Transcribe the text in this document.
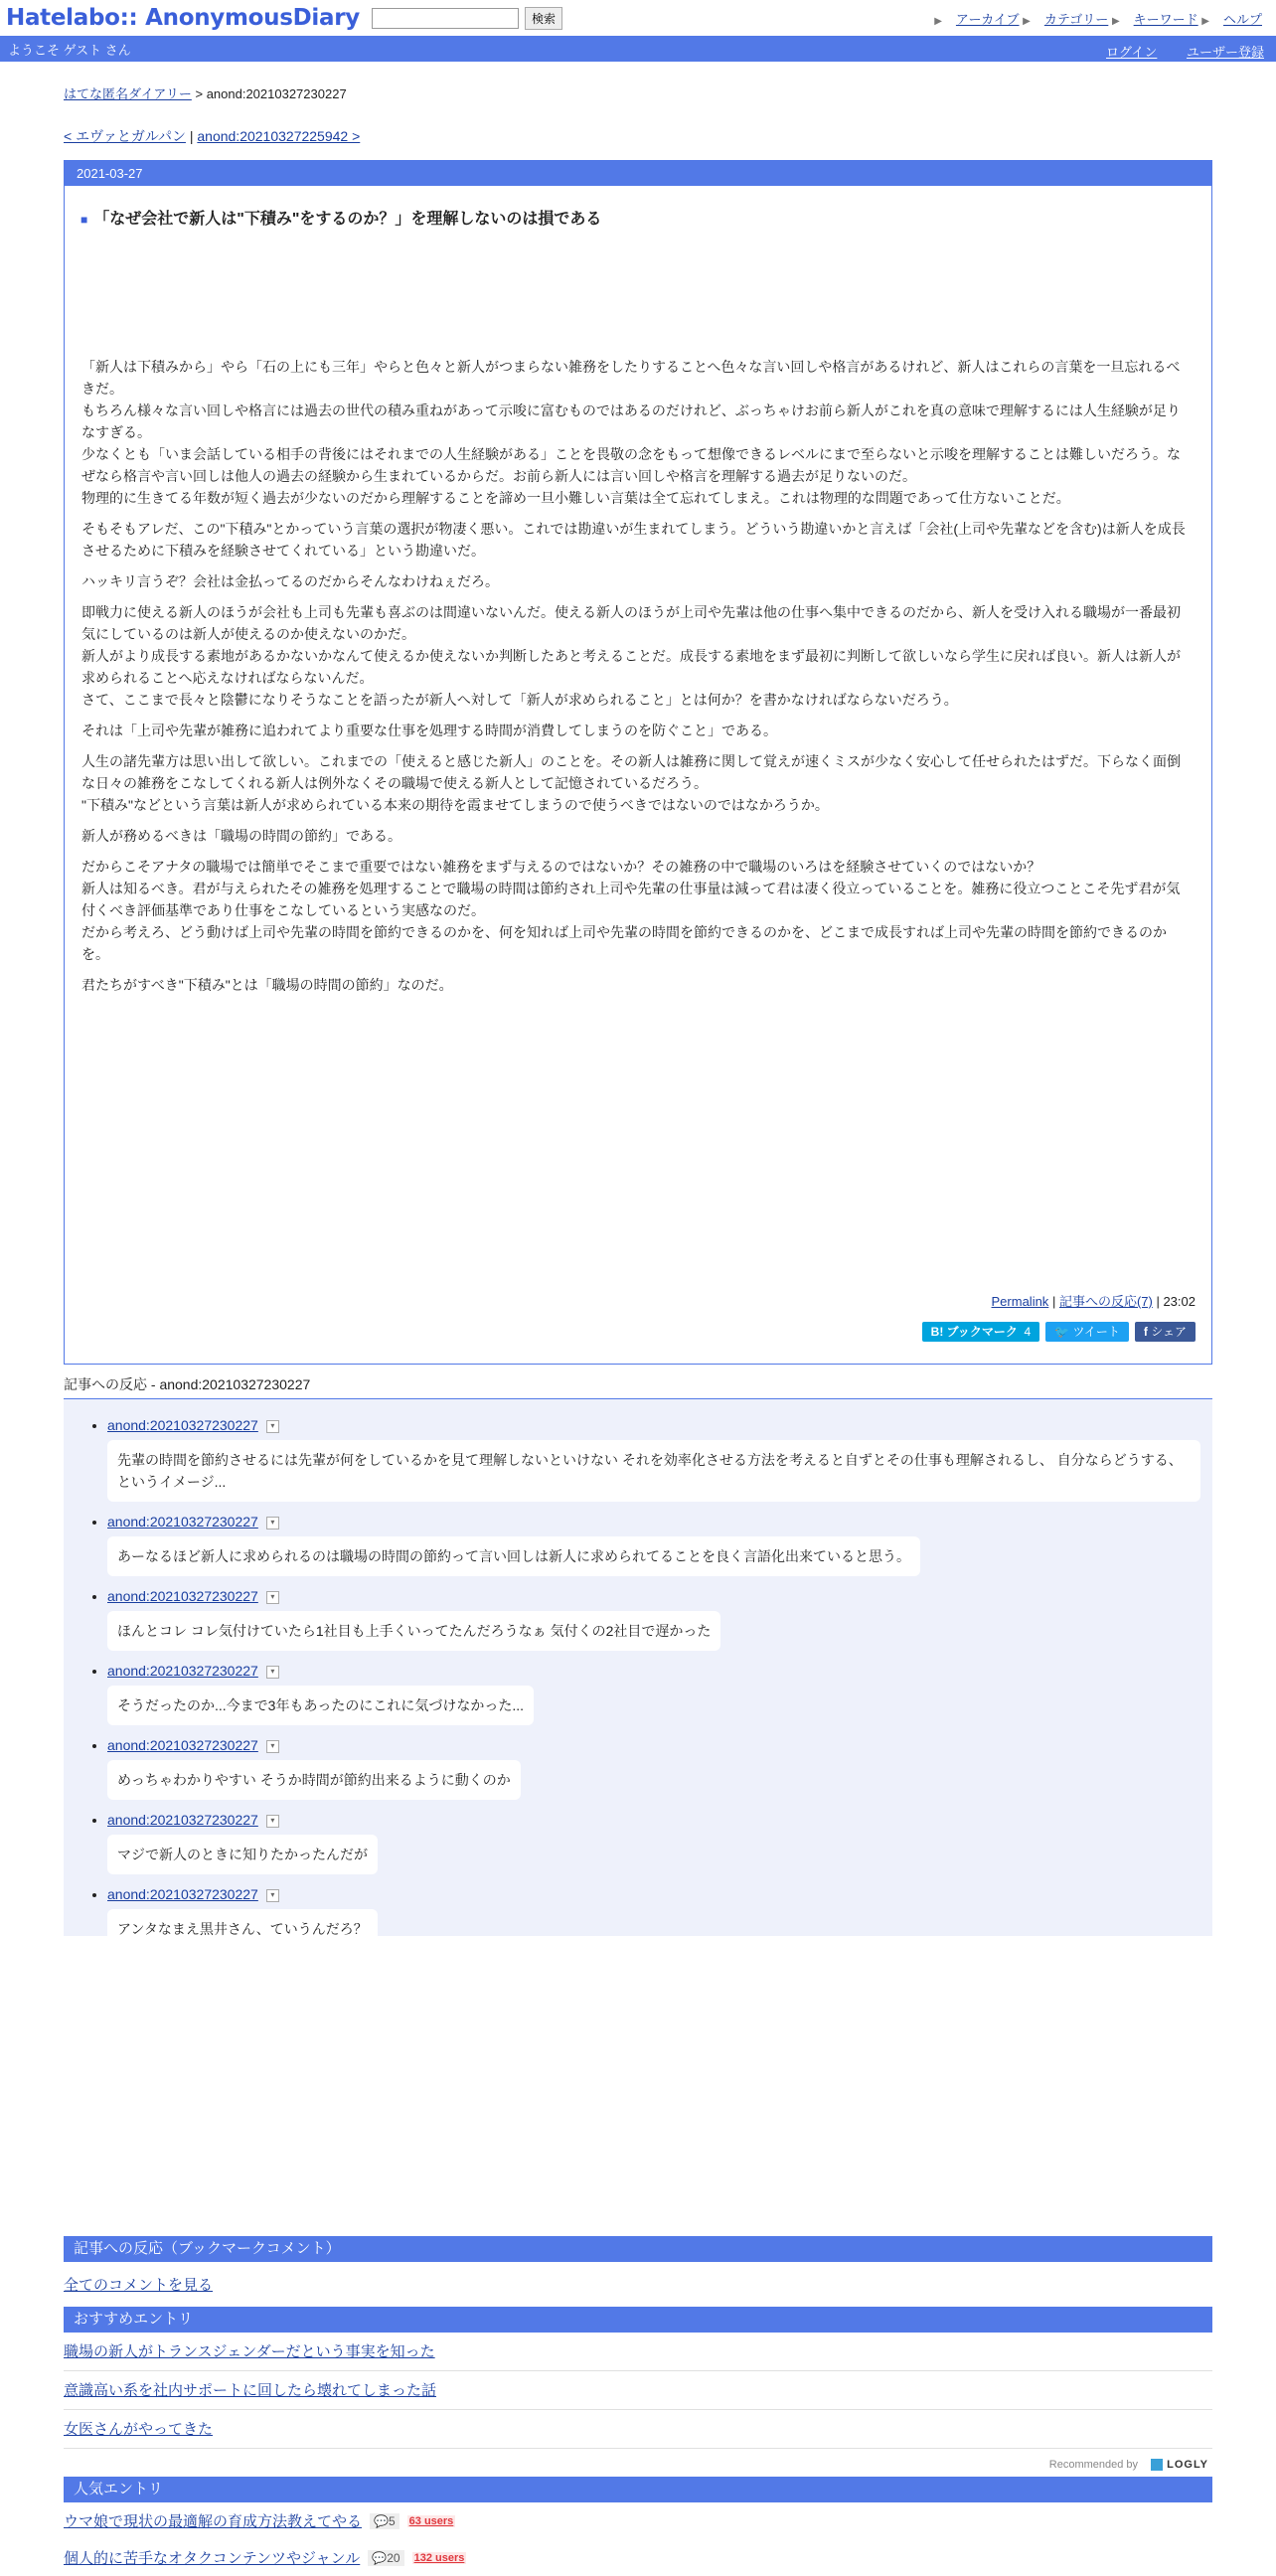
Hatelabo:: AnonymousDiary	検索	▶ アーカイブ ▶ カテゴリー ▶ キーワード ▶ ヘルプ
ようこそ ゲスト さん	ログイン ユーザー登録
はてな匿名ダイアリー > anond:20210327230227
< エヴァとガルパン | anond:20210327225942 >
2021-03-27
■ 「なぜ会社で新人は"下積み"をするのか？」を理解しないのは損である

「新人は下積みから」やら「石の上にも三年」やらと色々と新人がつまらない雑務をしたりすることへ色々な言い回しや格言があるけれど、新人はこれらの言葉を一旦忘れるべきだ。
もちろん様々な言い回しや格言には過去の世代の積み重ねがあって示唆に富むものではあるのだけれど、ぶっちゃけお前ら新人がこれを真の意味で理解するには人生経験が足りなすぎる。
少なくとも「いま会話している相手の背後にはそれまでの人生経験がある」ことを畏敬の念をもって想像できるレベルにまで至らないと示唆を理解することは難しいだろう。なぜなら格言や言い回しは他人の過去の経験から生まれているからだ。お前ら新人には言い回しや格言を理解する過去が足りないのだ。
物理的に生きてる年数が短く過去が少ないのだから理解することを諦め一旦小難しい言葉は全て忘れてしまえ。これは物理的な問題であって仕方ないことだ。

そもそもアレだ、この"下積み"とかっていう言葉の選択が物凄く悪い。これでは勘違いが生まれてしまう。どういう勘違いかと言えば「会社(上司や先輩などを含む)は新人を成長させるために下積みを経験させてくれている」という勘違いだ。

ハッキリ言うぞ？会社は金払ってるのだからそんなわけねぇだろ。

即戦力に使える新人のほうが会社も上司も先輩も喜ぶのは間違いないんだ。使える新人のほうが上司や先輩は他の仕事へ集中できるのだから、新人を受け入れる職場が一番最初気にしているのは新人が使えるのか使えないのかだ。
新人がより成長する素地があるかないかなんて使えるか使えないか判断したあと考えることだ。成長する素地をまず最初に判断して欲しいなら学生に戻れば良い。新人は新人が求められることへ応えなければならないんだ。
さて、ここまで長々と陰鬱になりそうなことを語ったが新人へ対して「新人が求められること」とは何か？を書かなければならないだろう。

それは「上司や先輩が雑務に追われてより重要な仕事を処理する時間が消費してしまうのを防ぐこと」である。

人生の諸先輩方は思い出して欲しい。これまでの「使えると感じた新人」のことを。その新人は雑務に関して覚えが速くミスが少なく安心して任せられたはずだ。下らなく面倒な日々の雑務をこなしてくれる新人は例外なくその職場で使える新人として記憶されているだろう。
"下積み"などという言葉は新人が求められている本来の期待を霞ませてしまうので使うべきではないのではなかろうか。

新人が務めるべきは「職場の時間の節約」である。

だからこそアナタの職場では簡単でそこまで重要ではない雑務をまず与えるのではないか？その雑務の中で職場のいろはを経験させていくのではないか？
新人は知るべき。君が与えられたその雑務を処理することで職場の時間は節約され上司や先輩の仕事量は減って君は凄く役立っていることを。雑務に役立つことこそ先ず君が気付くべき評価基準であり仕事をこなしているという実感なのだ。
だから考えろ、どう動けば上司や先輩の時間を節約できるのかを、何を知れば上司や先輩の時間を節約できるのかを、どこまで成長すれば上司や先輩の時間を節約できるのかを。

君たちがすべき"下積み"とは「職場の時間の節約」なのだ。

Permalink | 記事への反応(7) | 23:02
B! ブックマーク 4	🐦 ツイート	f シェア
記事への反応 - anond:20210327230227
• anond:20210327230227 ▾
先輩の時間を節約させるには先輩が何をしているかを見て理解しないといけない それを効率化させる方法を考えると自ずとその仕事も理解されるし、 自分ならどうする、というイメージ...
• anond:20210327230227 ▾
あーなるほど新人に求められるのは職場の時間の節約って言い回しは新人に求められてることを良く言語化出来ていると思う。
• anond:20210327230227 ▾
ほんとコレ コレ気付けていたら1社目も上手くいってたんだろうなぁ 気付くの2社目で遅かった
• anond:20210327230227 ▾
そうだったのか...今まで3年もあったのにこれに気づけなかった...
• anond:20210327230227 ▾
めっちゃわかりやすい そうか時間が節約出来るように動くのか
• anond:20210327230227 ▾
マジで新人のときに知りたかったんだが
• anond:20210327230227 ▾
アンタなまえ黒井さん、ていうんだろ？
記事への反応（ブックマークコメント）
全てのコメントを見る
おすすめエントリ
職場の新人がトランスジェンダーだという事実を知った
意識高い系を社内サポートに回したら壊れてしまった話
女医さんがやってきた
Recommended by	LOGLY
人気エントリ
ウマ娘で現状の最適解の育成方法教えてやる	💬5	63 users
個人的に苦手なオタクコンテンツやジャンル	💬20	132 users
